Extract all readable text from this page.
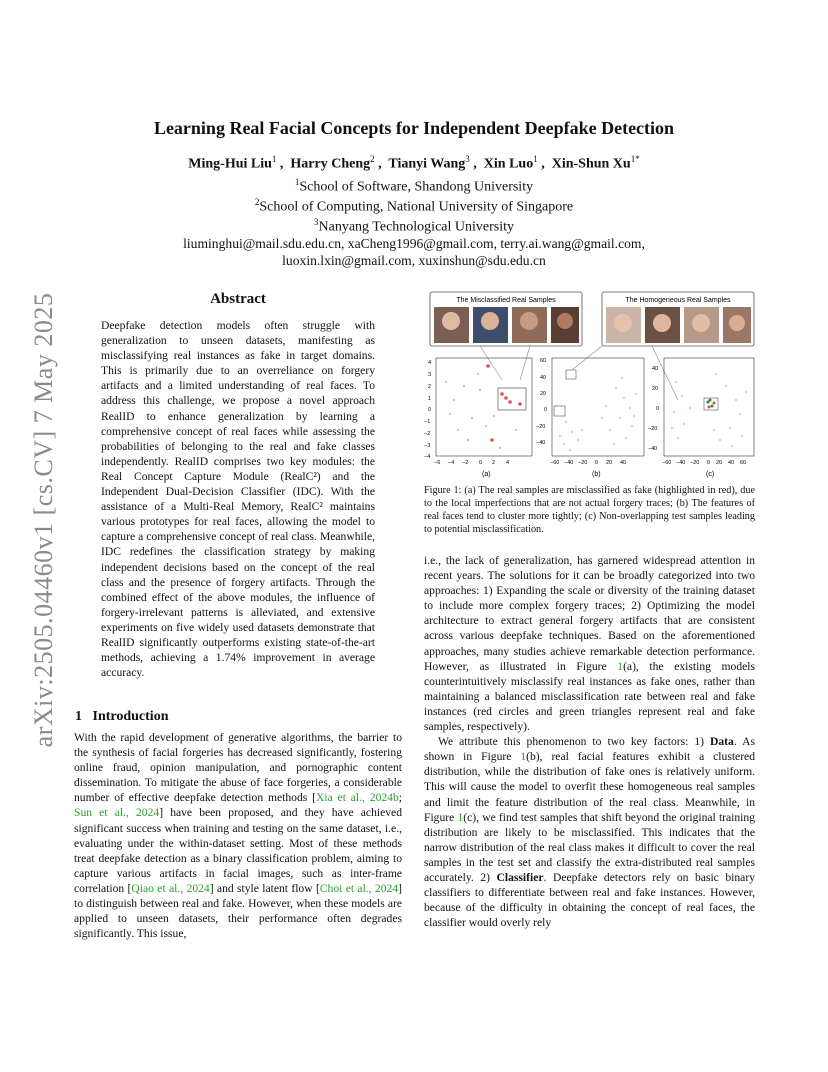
arXiv:2505.04460v1 [cs.CV] 7 May 2025
Learning Real Facial Concepts for Independent Deepfake Detection
Ming-Hui Liu$^1$ ,  Harry Cheng$^2$ ,  Tianyi Wang$^3$ ,  Xin Luo$^1$ ,  Xin-Shun $Xu^{1*}$
$^1$School of Software, Shandong University
$^2$School of Computing, National University of Singapore
$^3$Nanyang Technological University
liuminghui@mail.sdu.edu.cn, xaCheng1996@gmail.com, terry.ai.wang@gmail.com,
luoxin.lxin@gmail.com, xuxinshun@sdu.edu.cn
Abstract

Deepfake detection models often struggle with generalization to unseen datasets, manifesting as misclassifying real instances as fake in target domains. This is primarily due to an overreliance on forgery artifacts and a limited understanding of real faces. To address this challenge, we propose a novel approach RealID to enhance generalization by learning a comprehensive concept of real faces while assessing the probabilities of belonging to the real and fake classes independently. RealID comprises two key modules: the Real Concept Capture Module (RealC²) and the Independent Dual-Decision Classifier (IDC). With the assistance of a Multi-Real Memory, RealC² maintains various prototypes for real faces, allowing the model to capture a comprehensive concept of real class. Meanwhile, IDC redefines the classification strategy by making independent decisions based on the concept of the real class and the presence of forgery artifacts. Through the combined effect of the above modules, the influence of forgery-irrelevant patterns is alleviated, and extensive experiments on five widely used datasets demonstrate that RealID significantly outperforms existing state-of-the-art methods, achieving a 1.74% improvement in average accuracy.

1 Introduction

With the rapid development of generative algorithms, the barrier to the synthesis of facial forgeries has decreased significantly, fostering online fraud, opinion manipulation, and pornographic content dissemination. To mitigate the abuse of face forgeries, a considerable number of effective deepfake detection methods [Xia et al., 2024b; Sun et al., 2024] have been proposed, and they have achieved significant success when training and testing on the same dataset, i.e., evaluating under the within-dataset setting. Most of these methods treat deepfake detection as a binary classification problem, aiming to capture various artifacts in facial images, such as inter-frame correlation [Qiao et al., 2024] and style latent flow [Choi et al., 2024] to distinguish between real and fake. However, when these models are applied to unseen datasets, their performance often degrades significantly. This issue,

The Misclassified Real Samples	The Homogeneous Real Samples
4
3
2
1
0
−1
−2
−3
−4
−6 −4 −2 0 2 4
(a)
60
40
20
0
−20
−40
−60 −40 −20 0 20 40
(b)
40
20
0
−20
−40
−60 −40 −20 0 20 40 60
(c)
Figure 1: (a) The real samples are misclassified as fake (highlighted in red), due to the local imperfections that are not actual forgery traces; (b) The features of real faces tend to cluster more tightly; (c) Non-overlapping test samples leading to potential misclassification.

i.e., the lack of generalization, has garnered widespread attention in recent years. The solutions for it can be broadly categorized into two approaches: 1) Expanding the scale or diversity of the training dataset to include more complex forgery traces; 2) Optimizing the model architecture to extract general forgery artifacts that are consistent across various deepfake techniques. Based on the aforementioned approaches, many studies achieve remarkable detection performance. However, as illustrated in Figure 1(a), the existing models counterintuitively misclassify real instances as fake ones, rather than maintaining a balanced misclassification rate between real and fake instances (red circles and green triangles represent real and fake samples, respectively).

We attribute this phenomenon to two key factors: 1) Data. As shown in Figure 1(b), real facial features exhibit a clustered distribution, while the distribution of fake ones is relatively uniform. This will cause the model to overfit these homogeneous real samples and limit the feature distribution of the real class. Meanwhile, in Figure 1(c), we find test samples that shift beyond the original training distribution are likely to be misclassified. This indicates that the narrow distribution of the real class makes it difficult to cover the real samples in the test set and classify the extra-distributed real samples accurately. 2) Classifier. Deepfake detectors rely on basic binary classifiers to differentiate between real and fake instances. However, because of the difficulty in obtaining the concept of real faces, the classifier would overly rely
